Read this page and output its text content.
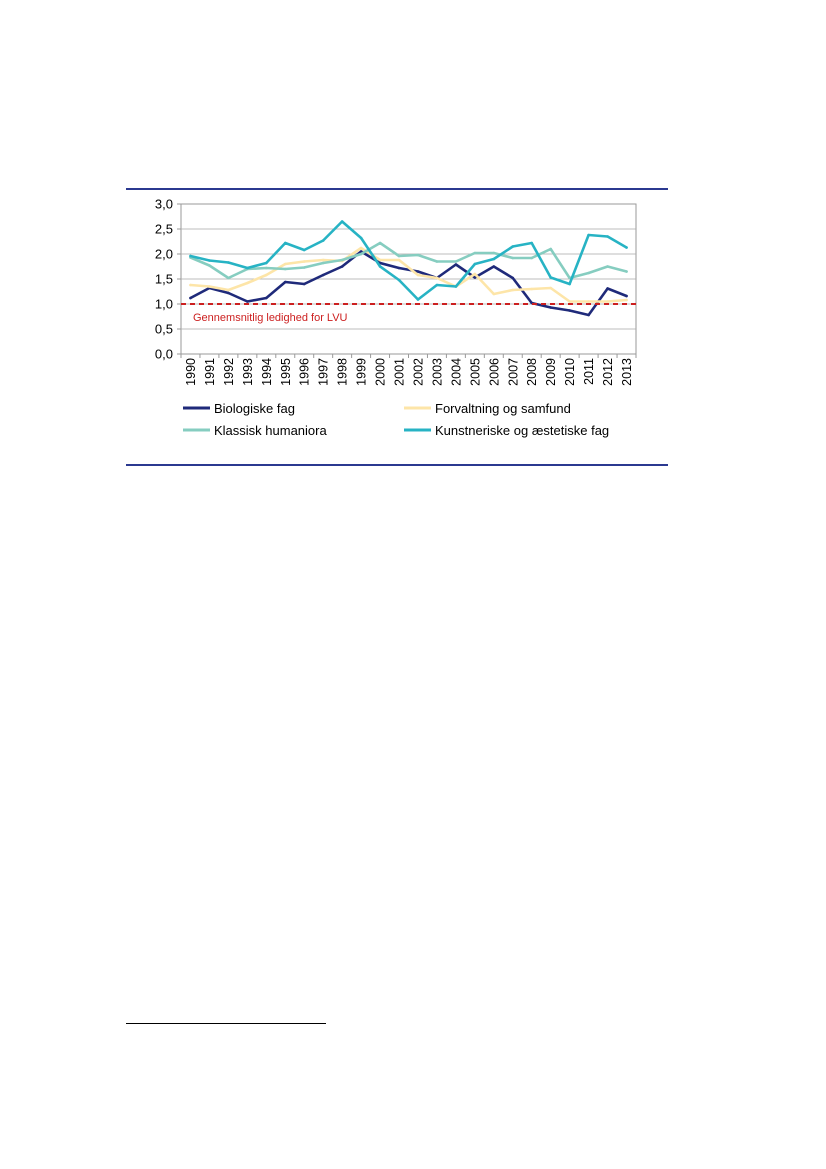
0,0
0,5
1,0
1,5
2,0
2,5
3,0
1990 1991 1992 1993 1994 1995 1996 1997 1998 1999 2000 2001 2002 2003 2004 2005 2006 2007 2008 2009 2010 2011 2012 2013
Gennemsnitlig ledighed for LVU
Biologiske fag	Forvaltning og samfund
Klassisk humaniora	Kunstneriske og æstetiske fag
